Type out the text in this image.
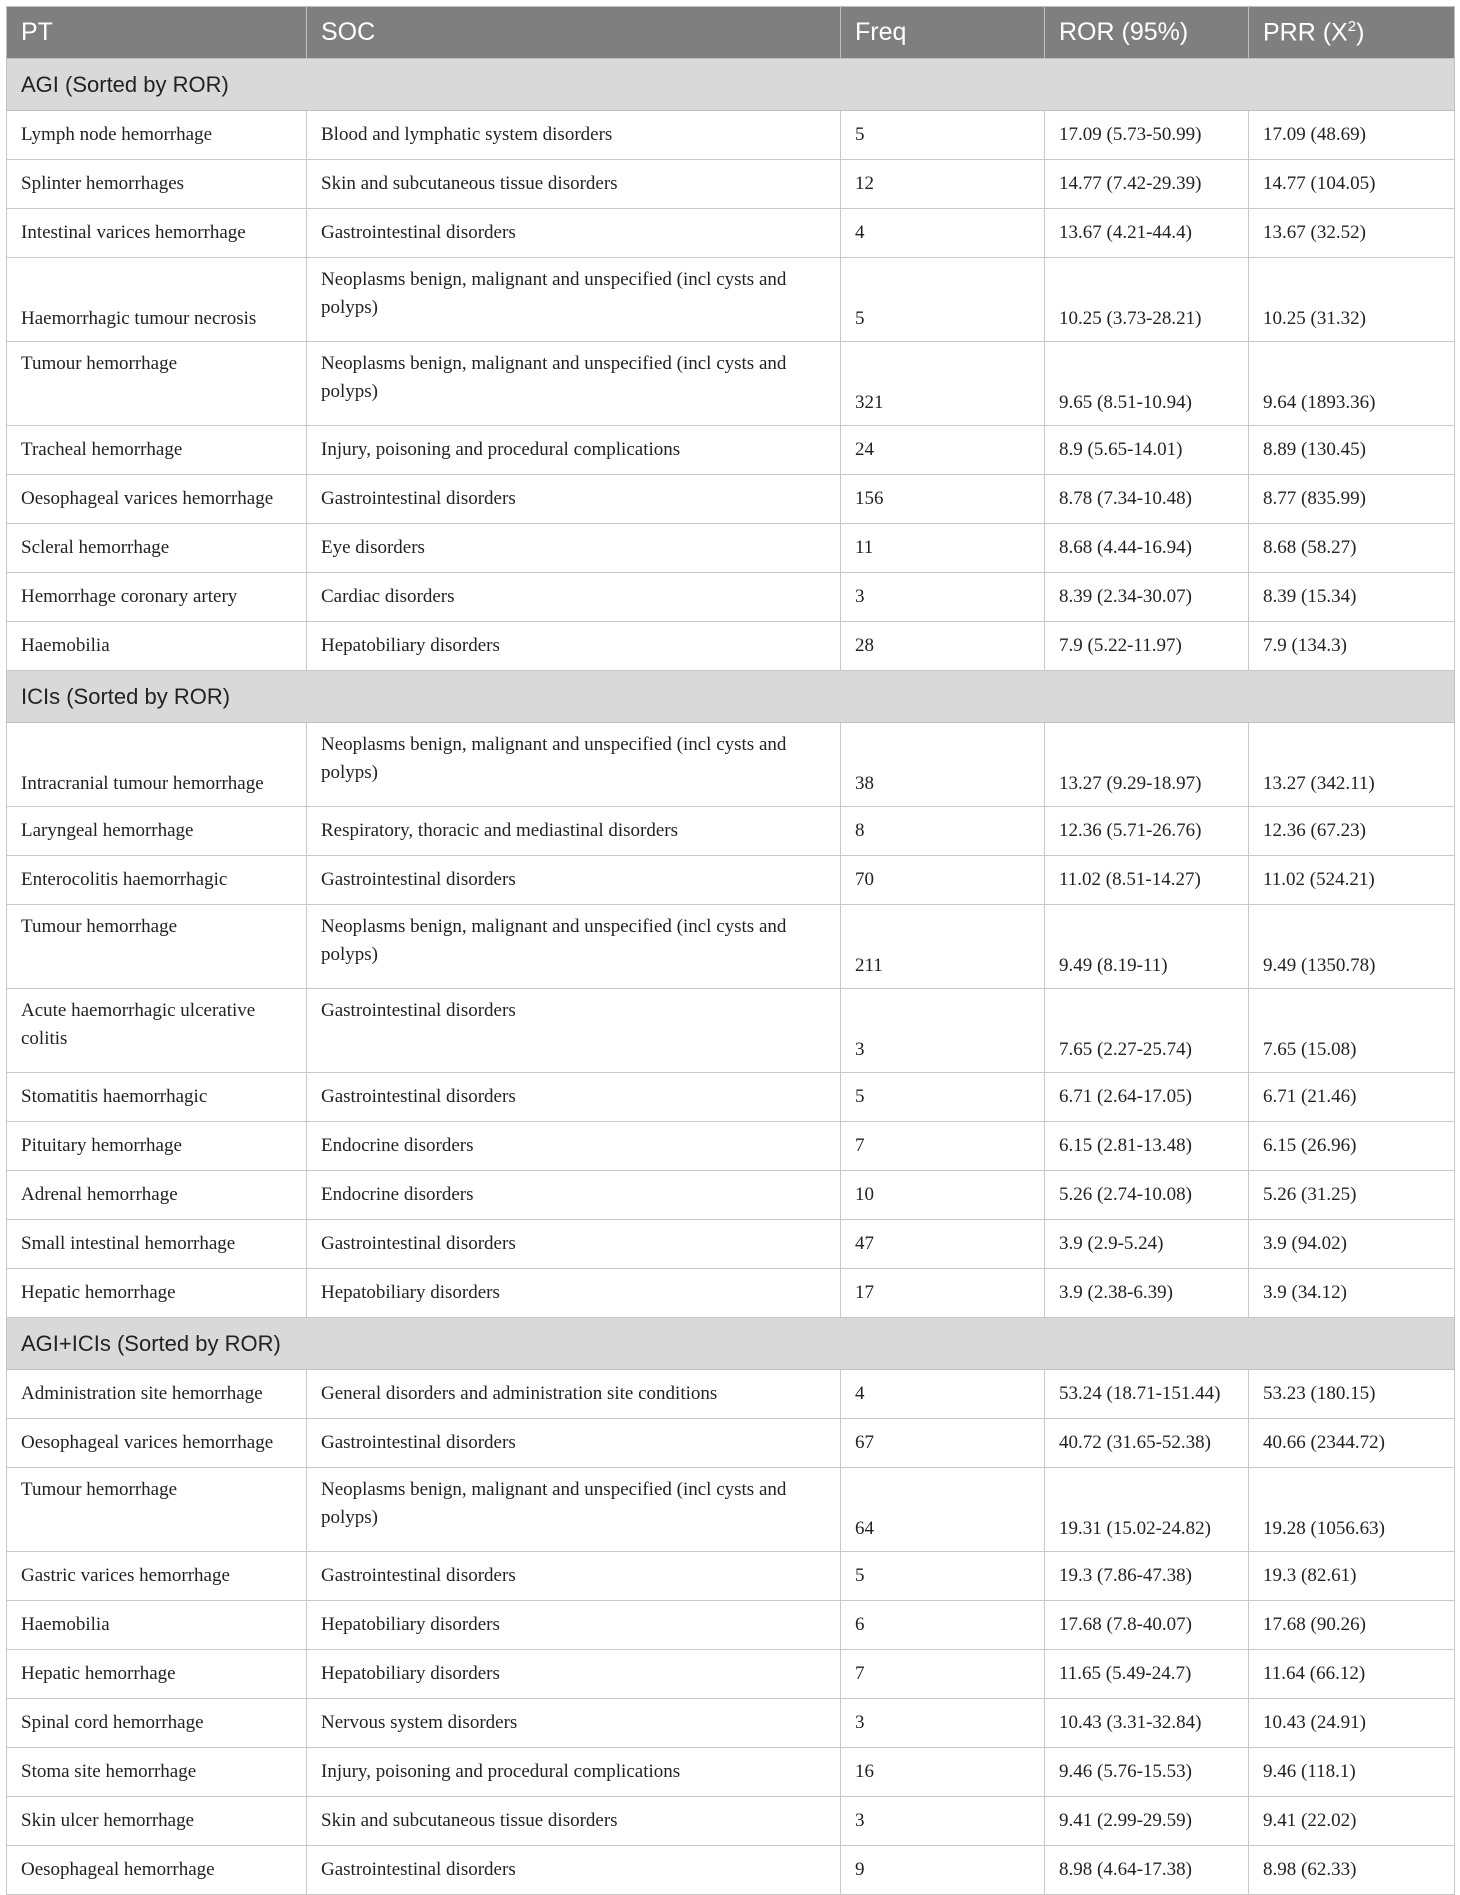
PT	SOC	Freq	ROR (95%)	PRR $(X^2)$
AGI (Sorted by ROR)				
Lymph node hemorrhage	Blood and lymphatic system disorders	5	17.09 (5.73-50.99)	17.09 (48.69)
Splinter hemorrhages	Skin and subcutaneous tissue disorders	12	14.77 (7.42-29.39)	14.77 (104.05)
Intestinal varices hemorrhage	Gastrointestinal disorders	4	13.67 (4.21-44.4)	13.67 (32.52)
Haemorrhagic tumour necrosis	Neoplasms benign, malignant and unspecified (incl cysts and polyps)	5	10.25 (3.73-28.21)	10.25 (31.32)
Tumour hemorrhage	Neoplasms benign, malignant and unspecified (incl cysts and polyps)	321	9.65 (8.51-10.94)	9.64 (1893.36)
Tracheal hemorrhage	Injury, poisoning and procedural complications	24	8.9 (5.65-14.01)	8.89 (130.45)
Oesophageal varices hemorrhage	Gastrointestinal disorders	156	8.78 (7.34-10.48)	8.77 (835.99)
Scleral hemorrhage	Eye disorders	11	8.68 (4.44-16.94)	8.68 (58.27)
Hemorrhage coronary artery	Cardiac disorders	3	8.39 (2.34-30.07)	8.39 (15.34)
Haemobilia	Hepatobiliary disorders	28	7.9 (5.22-11.97)	7.9 (134.3)
ICIs (Sorted by ROR)				
Intracranial tumour hemorrhage	Neoplasms benign, malignant and unspecified (incl cysts and polyps)	38	13.27 (9.29-18.97)	13.27 (342.11)
Laryngeal hemorrhage	Respiratory, thoracic and mediastinal disorders	8	12.36 (5.71-26.76)	12.36 (67.23)
Enterocolitis haemorrhagic	Gastrointestinal disorders	70	11.02 (8.51-14.27)	11.02 (524.21)
Tumour hemorrhage	Neoplasms benign, malignant and unspecified (incl cysts and polyps)	211	9.49 (8.19-11)	9.49 (1350.78)
Acute haemorrhagic ulcerative colitis	Gastrointestinal disorders	3	7.65 (2.27-25.74)	7.65 (15.08)
Stomatitis haemorrhagic	Gastrointestinal disorders	5	6.71 (2.64-17.05)	6.71 (21.46)
Pituitary hemorrhage	Endocrine disorders	7	6.15 (2.81-13.48)	6.15 (26.96)
Adrenal hemorrhage	Endocrine disorders	10	5.26 (2.74-10.08)	5.26 (31.25)
Small intestinal hemorrhage	Gastrointestinal disorders	47	3.9 (2.9-5.24)	3.9 (94.02)
Hepatic hemorrhage	Hepatobiliary disorders	17	3.9 (2.38-6.39)	3.9 (34.12)
AGI+ICIs (Sorted by ROR)				
Administration site hemorrhage	General disorders and administration site conditions	4	53.24 (18.71-151.44)	53.23 (180.15)
Oesophageal varices hemorrhage	Gastrointestinal disorders	67	40.72 (31.65-52.38)	40.66 (2344.72)
Tumour hemorrhage	Neoplasms benign, malignant and unspecified (incl cysts and polyps)	64	19.31 (15.02-24.82)	19.28 (1056.63)
Gastric varices hemorrhage	Gastrointestinal disorders	5	19.3 (7.86-47.38)	19.3 (82.61)
Haemobilia	Hepatobiliary disorders	6	17.68 (7.8-40.07)	17.68 (90.26)
Hepatic hemorrhage	Hepatobiliary disorders	7	11.65 (5.49-24.7)	11.64 (66.12)
Spinal cord hemorrhage	Nervous system disorders	3	10.43 (3.31-32.84)	10.43 (24.91)
Stoma site hemorrhage	Injury, poisoning and procedural complications	16	9.46 (5.76-15.53)	9.46 (118.1)
Skin ulcer hemorrhage	Skin and subcutaneous tissue disorders	3	9.41 (2.99-29.59)	9.41 (22.02)
Oesophageal hemorrhage	Gastrointestinal disorders	9	8.98 (4.64-17.38)	8.98 (62.33)
